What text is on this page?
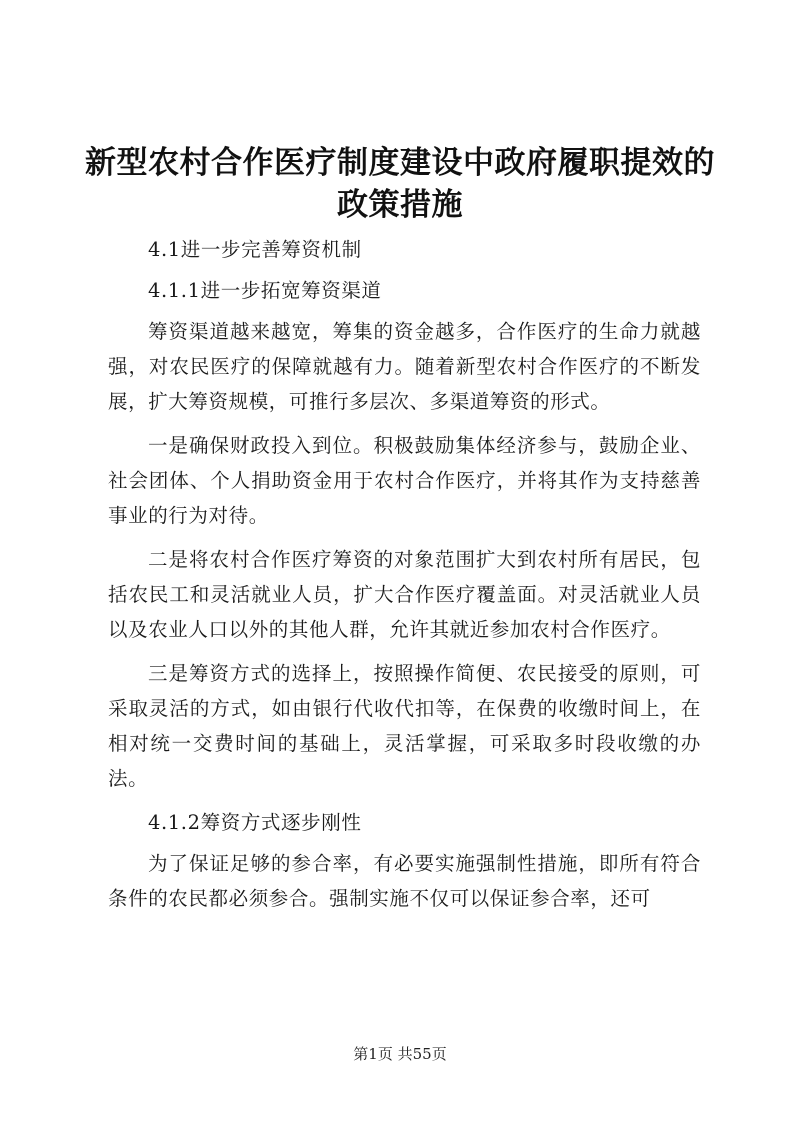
新型农村合作医疗制度建设中政府履职提效的政策措施

4.1进一步完善筹资机制

4.1.1进一步拓宽筹资渠道

筹资渠道越来越宽，筹集的资金越多，合作医疗的生命力就越强，对农民医疗的保障就越有力。随着新型农村合作医疗的不断发展，扩大筹资规模，可推行多层次、多渠道筹资的形式。

一是确保财政投入到位。积极鼓励集体经济参与，鼓励企业、社会团体、个人捐助资金用于农村合作医疗，并将其作为支持慈善事业的行为对待。

二是将农村合作医疗筹资的对象范围扩大到农村所有居民，包括农民工和灵活就业人员，扩大合作医疗覆盖面。对灵活就业人员以及农业人口以外的其他人群，允许其就近参加农村合作医疗。

三是筹资方式的选择上，按照操作简便、农民接受的原则，可采取灵活的方式，如由银行代收代扣等，在保费的收缴时间上，在相对统一交费时间的基础上，灵活掌握，可采取多时段收缴的办法。

4.1.2筹资方式逐步刚性

为了保证足够的参合率，有必要实施强制性措施，即所有符合条件的农民都必须参合。强制实施不仅可以保证参合率，还可

第1页 共55页
